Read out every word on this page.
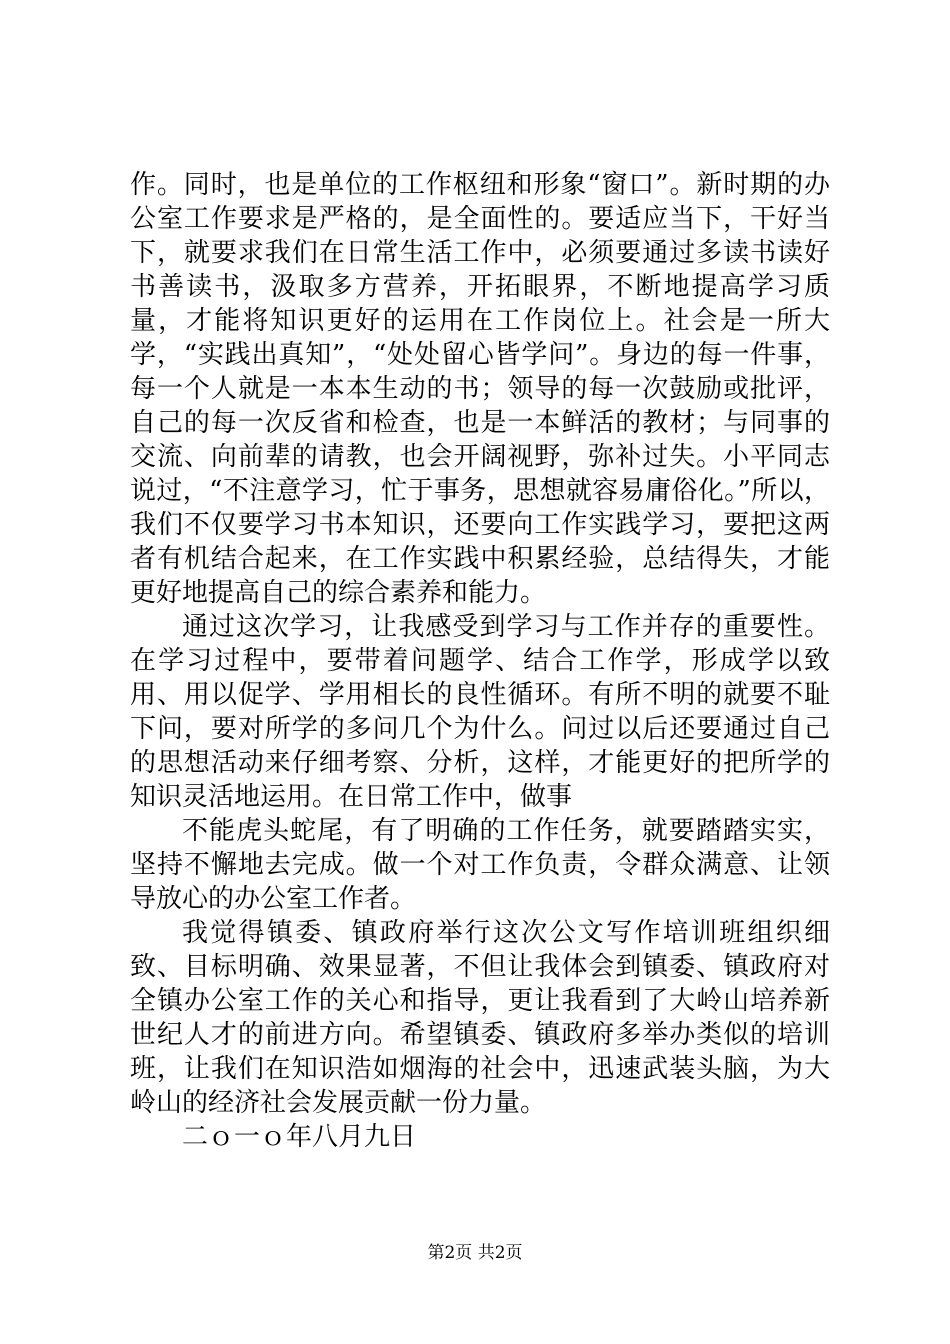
作。同时，也是单位的工作枢纽和形象“窗口”。新时期的办公室工作要求是严格的，是全面性的。要适应当下，干好当下，就要求我们在日常生活工作中，必须要通过多读书读好书善读书，汲取多方营养，开拓眼界，不断地提高学习质量，才能将知识更好的运用在工作岗位上。社会是一所大学，“实践出真知”，“处处留心皆学问”。身边的每一件事，每一个人就是一本本生动的书；领导的每一次鼓励或批评，自己的每一次反省和检查，也是一本鲜活的教材；与同事的交流、向前辈的请教，也会开阔视野，弥补过失。小平同志说过，“不注意学习，忙于事务，思想就容易庸俗化。”所以，我们不仅要学习书本知识，还要向工作实践学习，要把这两者有机结合起来，在工作实践中积累经验，总结得失，才能更好地提高自己的综合素养和能力。

通过这次学习，让我感受到学习与工作并存的重要性。在学习过程中，要带着问题学、结合工作学，形成学以致用、用以促学、学用相长的良性循环。有所不明的就要不耻下问，要对所学的多问几个为什么。问过以后还要通过自己的思想活动来仔细考察、分析，这样，才能更好的把所学的知识灵活地运用。在日常工作中，做事

不能虎头蛇尾，有了明确的工作任务，就要踏踏实实，坚持不懈地去完成。做一个对工作负责，令群众满意、让领导放心的办公室工作者。

我觉得镇委、镇政府举行这次公文写作培训班组织细致、目标明确、效果显著，不但让我体会到镇委、镇政府对全镇办公室工作的关心和指导，更让我看到了大岭山培养新世纪人才的前进方向。希望镇委、镇政府多举办类似的培训班，让我们在知识浩如烟海的社会中，迅速武装头脑，为大岭山的经济社会发展贡献一份力量。

二ｏ一ｏ年八月九日

第2页 共2页
